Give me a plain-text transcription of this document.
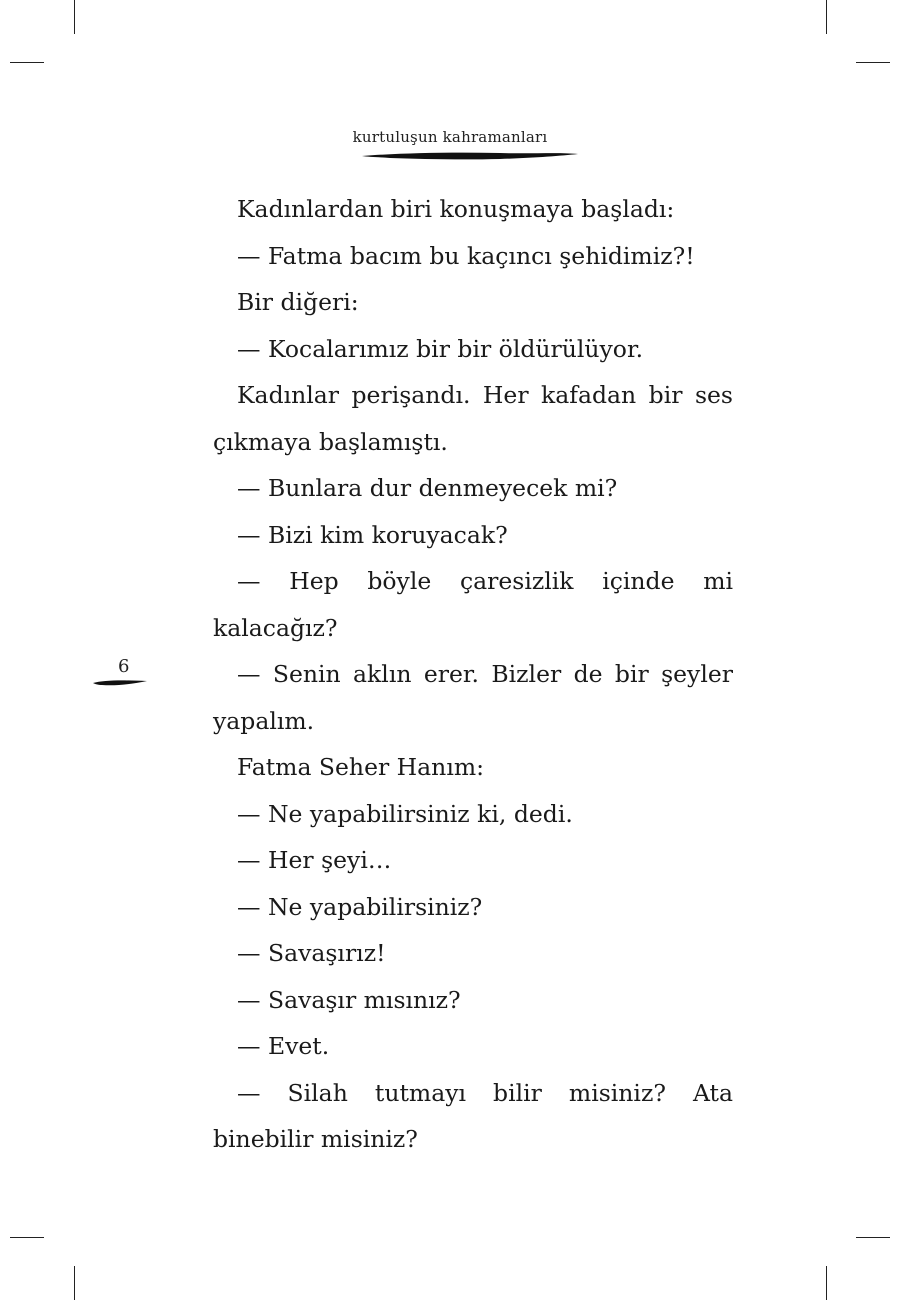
kurtuluşun kahramanları
6

Kadınlardan biri konuşmaya başladı:

— Fatma bacım bu kaçıncı şehidimiz?!

Bir diğeri:

— Kocalarımız bir bir öldürülüyor.

Kadınlar perişandı. Her kafadan bir ses çıkmaya başlamıştı.

— Bunlara dur denmeyecek mi?

— Bizi kim koruyacak?

— Hep böyle çaresizlik içinde mi kalacağız?

— Senin aklın erer. Bizler de bir şeyler yapalım.

Fatma Seher Hanım:

— Ne yapabilirsiniz ki, dedi.

— Her şeyi…

— Ne yapabilirsiniz?

— Savaşırız!

— Savaşır mısınız?

— Evet.

— Silah tutmayı bilir misiniz? Ata binebilir misiniz?
